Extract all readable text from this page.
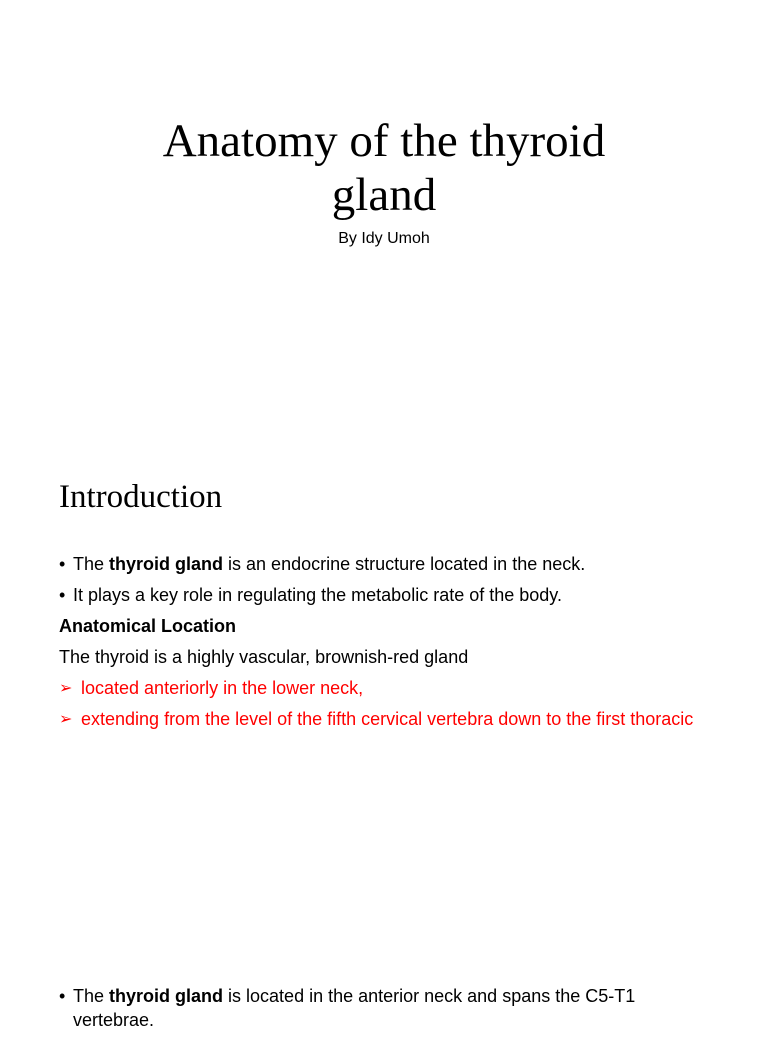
Anatomy of the thyroid
gland

By Idy Umoh

Introduction
• The thyroid gland is an endocrine structure located in the neck.
• It plays a key role in regulating the metabolic rate of the body.
Anatomical Location
The thyroid is a highly vascular, brownish-red gland
➢ located anteriorly in the lower neck,
➢ extending from the level of the fifth cervical vertebra down to the first thoracic
• The thyroid gland is located in the anterior neck and spans the C5-T1 vertebrae.
